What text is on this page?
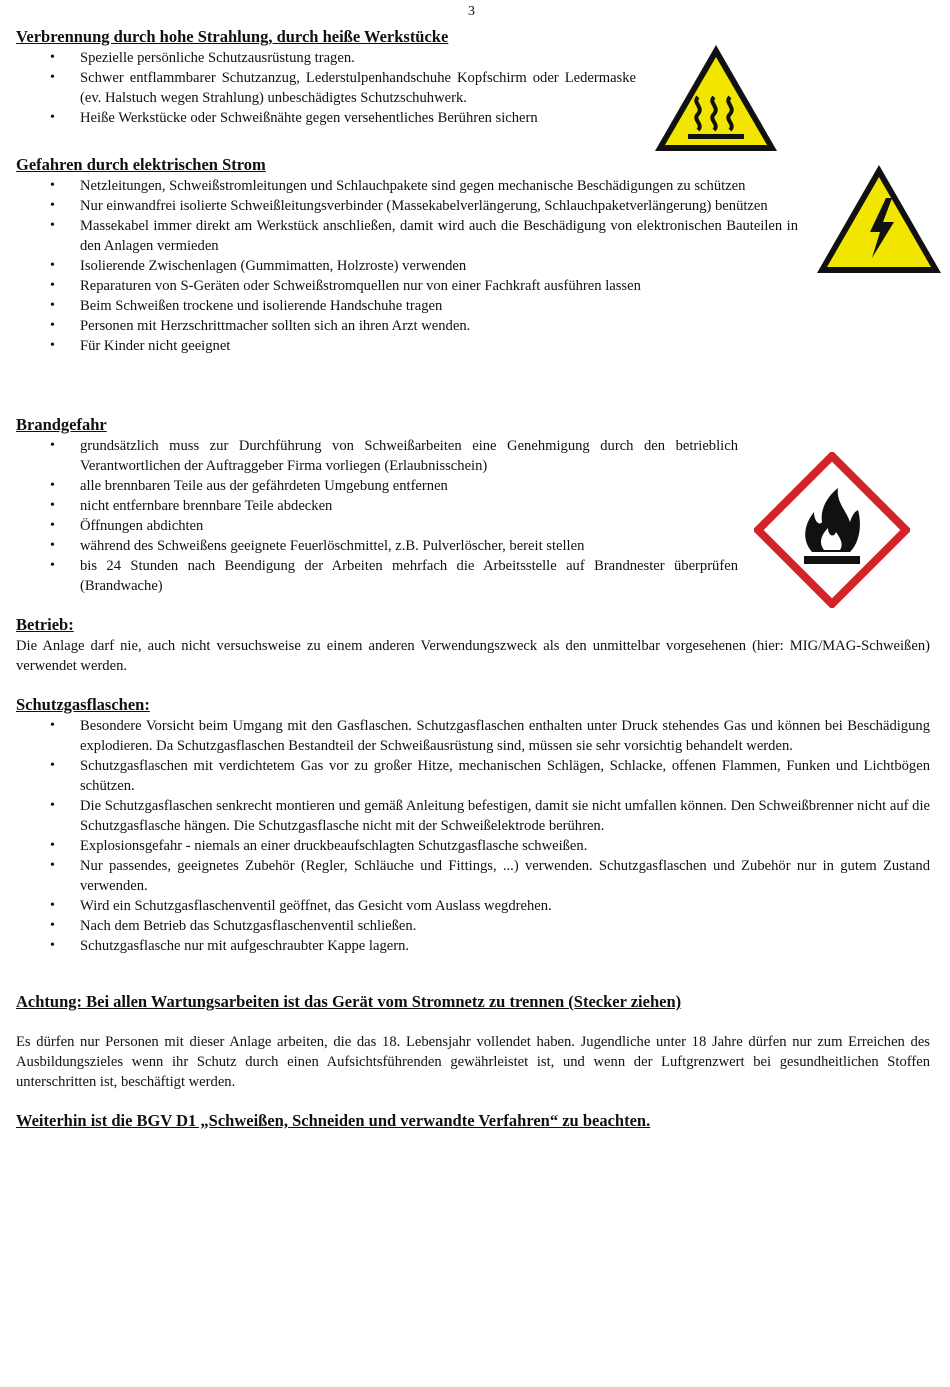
3
Verbrennung durch hohe Strahlung, durch heiße Werkstücke
• Spezielle persönliche Schutzausrüstung tragen.
• Schwer entflammbarer Schutzanzug, Lederstulpenhandschuhe Kopfschirm oder Ledermaske (ev. Halstuch wegen Strahlung) unbeschädigtes Schutzschuhwerk.
• Heiße Werkstücke oder Schweißnähte gegen versehentliches Berühren sichern
Gefahren durch elektrischen Strom
• Netzleitungen, Schweißstromleitungen und Schlauchpakete sind gegen mechanische Beschädigungen zu schützen
• Nur einwandfrei isolierte Schweißleitungsverbinder (Massekabelverlängerung, Schlauchpaketverlängerung) benützen
• Massekabel immer direkt am Werkstück anschließen, damit wird auch die Beschädigung von elektronischen Bauteilen in den Anlagen vermieden
• Isolierende Zwischenlagen (Gummimatten, Holzroste) verwenden
• Reparaturen von S-Geräten oder Schweißstromquellen nur von einer Fachkraft ausführen lassen
• Beim Schweißen trockene und isolierende Handschuhe tragen
• Personen mit Herzschrittmacher sollten sich an ihren Arzt wenden.
• Für Kinder nicht geeignet
Brandgefahr
• grundsätzlich muss zur Durchführung von Schweißarbeiten eine Genehmigung durch den betrieblich Verantwortlichen der Auftraggeber Firma vorliegen (Erlaubnisschein)
• alle brennbaren Teile aus der gefährdeten Umgebung entfernen
• nicht entfernbare brennbare Teile abdecken
• Öffnungen abdichten
• während des Schweißens geeignete Feuerlöschmittel, z.B. Pulverlöscher, bereit stellen
• bis 24 Stunden nach Beendigung der Arbeiten mehrfach die Arbeitsstelle auf Brandnester überprüfen (Brandwache)
Betrieb:

Die Anlage darf nie, auch nicht versuchsweise zu einem anderen Verwendungszweck als den unmittelbar vorgesehenen (hier: MIG/MAG-Schweißen) verwendet werden.

Schutzgasflaschen:
• Besondere Vorsicht beim Umgang mit den Gasflaschen. Schutzgasflaschen enthalten unter Druck stehendes Gas und können bei Beschädigung explodieren. Da Schutzgasflaschen Bestandteil der Schweißausrüstung sind, müssen sie sehr vorsichtig behandelt werden.
• Schutzgasflaschen mit verdichtetem Gas vor zu großer Hitze, mechanischen Schlägen, Schlacke, offenen Flammen, Funken und Lichtbögen schützen.
• Die Schutzgasflaschen senkrecht montieren und gemäß Anleitung befestigen, damit sie nicht umfallen können. Den Schweißbrenner nicht auf die Schutzgasflasche hängen. Die Schutzgasflasche nicht mit der Schweißelektrode berühren.
• Explosionsgefahr - niemals an einer druckbeaufschlagten Schutzgasflasche schweißen.
• Nur passendes, geeignetes Zubehör (Regler, Schläuche und Fittings, ...) verwenden. Schutzgasflaschen und Zubehör nur in gutem Zustand verwenden.
• Wird ein Schutzgasflaschenventil geöffnet, das Gesicht vom Auslass wegdrehen.
• Nach dem Betrieb das Schutzgasflaschenventil schließen.
• Schutzgasflasche nur mit aufgeschraubter Kappe lagern.
Achtung: Bei allen Wartungsarbeiten ist das Gerät vom Stromnetz zu trennen (Stecker ziehen)

Es dürfen nur Personen mit dieser Anlage arbeiten, die das 18. Lebensjahr vollendet haben. Jugendliche unter 18 Jahre dürfen nur zum Erreichen des Ausbildungszieles wenn ihr Schutz durch einen Aufsichtsführenden gewährleistet ist, und wenn der Luftgrenzwert bei gesundheitlichen Stoffen unterschritten ist, beschäftigt werden.

Weiterhin ist die BGV D1 „Schweißen, Schneiden und verwandte Verfahren“ zu beachten.
